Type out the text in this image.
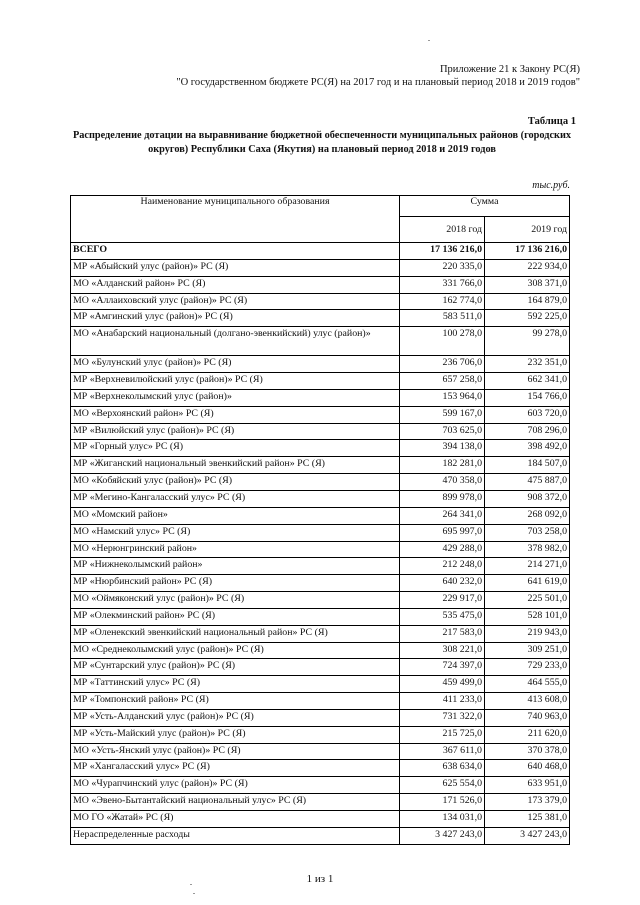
Приложение 21 к Закону РС(Я)
"О государственном бюджете РС(Я) на 2017 год и на плановый период 2018 и 2019 годов"
Таблица 1
Распределение дотации на выравнивание бюджетной обеспеченности муниципальных районов (городских округов) Республики Саха (Якутия) на плановый период 2018 и 2019 годов
тыс.руб.
Наименование муниципального образования	Сумма	
	2018 год	2019 год
ВСЕГО	17 136 216,0	17 136 216,0
МР «Абыйский улус (район)» РС (Я)	220 335,0	222 934,0
МО «Алданский район» РС (Я)	331 766,0	308 371,0
МО «Аллаиховский улус (район)» РС (Я)	162 774,0	164 879,0
МР «Амгинский улус (район)» РС (Я)	583 511,0	592 225,0
МО «Анабарский национальный (долгано-эвенкийский) улус (район)»	100 278,0	99 278,0
МО «Булунский улус (район)» РС (Я)	236 706,0	232 351,0
МР «Верхневилюйский улус (район)» РС (Я)	657 258,0	662 341,0
МР «Верхнеколымский улус (район)»	153 964,0	154 766,0
МО «Верхоянский район» РС (Я)	599 167,0	603 720,0
МР «Вилюйский улус (район)» РС (Я)	703 625,0	708 296,0
МР «Горный улус» РС (Я)	394 138,0	398 492,0
МР «Жиганский национальный эвенкийский район» РС (Я)	182 281,0	184 507,0
МО «Кобяйский улус (район)» РС (Я)	470 358,0	475 887,0
МР «Мегино-Кангаласский улус» РС (Я)	899 978,0	908 372,0
МО «Момский район»	264 341,0	268 092,0
МО «Намский улус» РС (Я)	695 997,0	703 258,0
МО «Нерюнгринский район»	429 288,0	378 982,0
МР «Нижнеколымский район»	212 248,0	214 271,0
МР «Нюрбинский район» РС (Я)	640 232,0	641 619,0
МО «Оймяконский улус (район)» РС (Я)	229 917,0	225 501,0
МР «Олекминский район» РС (Я)	535 475,0	528 101,0
МР «Оленекский эвенкийский национальный район» РС (Я)	217 583,0	219 943,0
МО «Среднеколымский улус (район)» РС (Я)	308 221,0	309 251,0
МР «Сунтарский улус (район)» РС (Я)	724 397,0	729 233,0
МР «Таттинский улус» РС (Я)	459 499,0	464 555,0
МР «Томпонский район» РС (Я)	411 233,0	413 608,0
МР «Усть-Алданский улус (район)» РС (Я)	731 322,0	740 963,0
МР «Усть-Майский улус (район)» РС (Я)	215 725,0	211 620,0
МО «Усть-Янский улус (район)» РС (Я)	367 611,0	370 378,0
МР «Хангаласский улус» РС (Я)	638 634,0	640 468,0
МО «Чурапчинский улус (район)» РС (Я)	625 554,0	633 951,0
МО «Эвено-Бытантайский национальный улус» РС (Я)	171 526,0	173 379,0
МО ГО «Жатай» РС (Я)	134 031,0	125 381,0
Нераспределенные расходы	3 427 243,0	3 427 243,0
1 из 1
